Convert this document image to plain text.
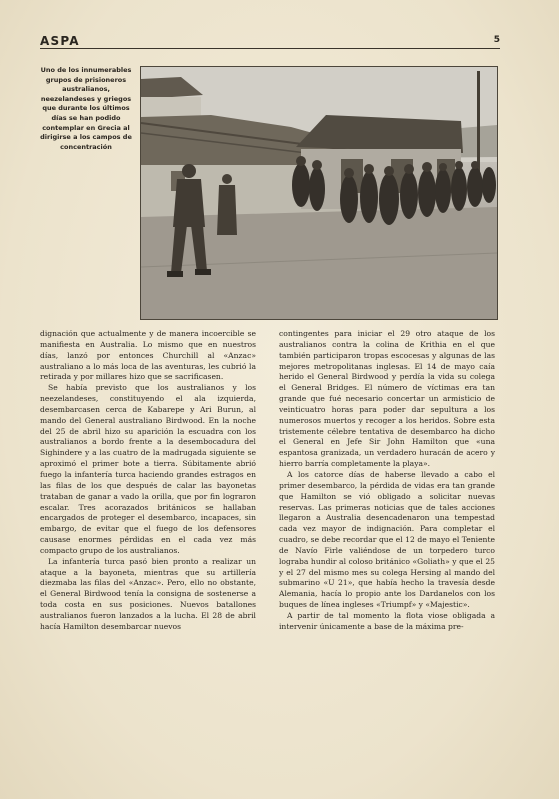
ASPA	5
Uno de los innumerables grupos de prisioneros australianos, neezelandeses y griegos que durante los últimos días se han podido contemplar en Grecia al dirigirse a los campos de concentración

dignación que actualmente y de manera incoercible se manifiesta en Australia. Lo mismo que en nuestros días, lanzó por entonces Churchill al «Anzac» australiano a lo más loca de las aventuras, les cubrió la retirada y por millares hizo que se sacrificasen.

Se había previsto que los australianos y los neezelandeses, constituyendo el ala izquierda, desembarcasen cerca de Kabarepe y Ari Burun, al mando del General australiano Birdwood. En la noche del 25 de abril hizo su aparición la escuadra con los australianos a bordo frente a la desembocadura del Sighindere y a las cuatro de la madrugada siguiente se aproximó el primer bote a tierra. Súbitamente abrió fuego la infantería turca haciendo grandes estragos en las filas de los que después de calar las bayonetas trataban de ganar a vado la orilla, que por fin lograron escalar. Tres acorazados británicos se hallaban encargados de proteger el desembarco, incapaces, sin embargo, de evitar que el fuego de los defensores causase enormes pérdidas en el cada vez más compacto grupo de los australianos.

La infantería turca pasó bien pronto a realizar un ataque a la bayoneta, mientras que su artillería diezmaba las filas del «Anzac». Pero, ello no obstante, el General Birdwood tenía la consigna de sostenerse a toda costa en sus posiciones. Nuevos batallones australianos fueron lanzados a la lucha. El 28 de abril hacía Hamilton desembarcar nuevos

contingentes para iniciar el 29 otro ataque de los australianos contra la colina de Krithia en el que también participaron tropas escocesas y algunas de las mejores metropolitanas inglesas. El 14 de mayo caía herido el General Birdwood y perdía la vida su colega el General Bridges. El número de víctimas era tan grande que fué necesario concertar un armisticio de veinticuatro horas para poder dar sepultura a los numerosos muertos y recoger a los heridos. Sobre esta tristemente célebre tentativa de desembarco ha dicho el General en Jefe Sir John Hamilton que «una espantosa granizada, un verdadero huracán de acero y hierro barría completamente la playa».

A los catorce días de haberse llevado a cabo el primer desembarco, la pérdida de vidas era tan grande que Hamilton se vió obligado a solicitar nuevas reservas. Las primeras noticias que de tales acciones llegaron a Australia desencadenaron una tempestad cada vez mayor de indignación. Para completar el cuadro, se debe recordar que el 12 de mayo el Teniente de Navío Firle valiéndose de un torpedero turco lograba hundir al coloso británico «Goliath» y que el 25 y el 27 del mismo mes su colega Hersing al mando del submarino «U 21», que había hecho la travesía desde Alemania, hacía lo propio ante los Dardanelos con los buques de línea ingleses «Triumpf» y «Majestic».

A partir de tal momento la flota viose obligada a intervenir únicamente a base de la máxima pre-
